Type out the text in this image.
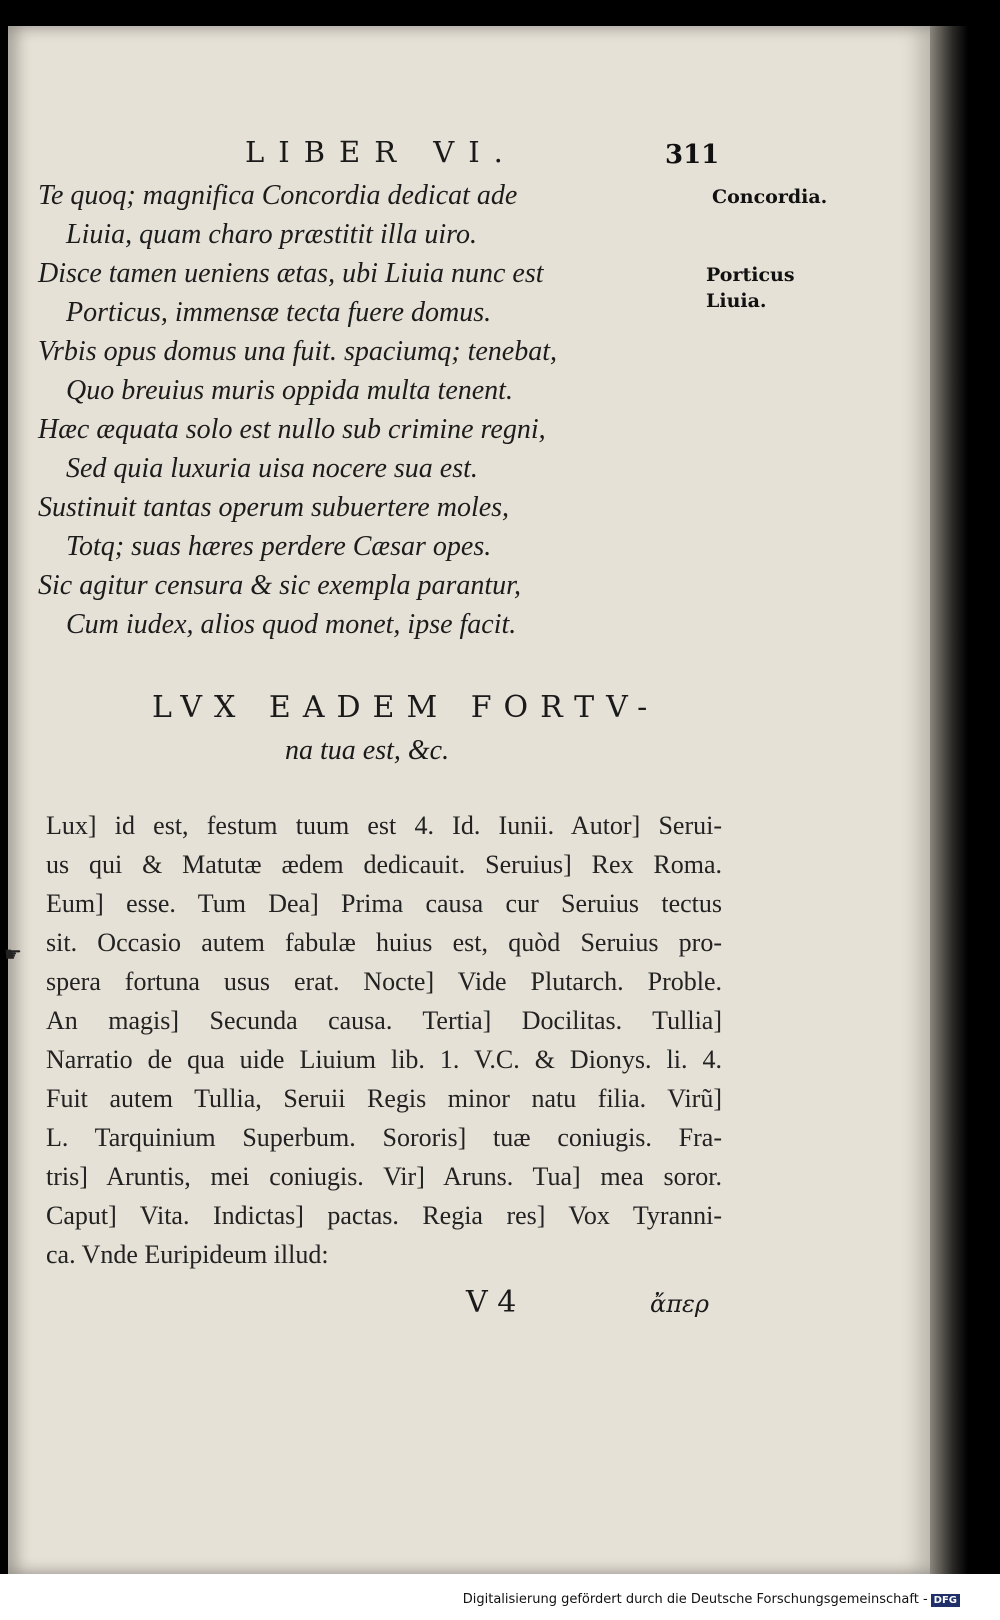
LIBER VI.	311
Te quoq; magnifica Concordia dedicat ade
Liuia, quam charo præstitit illa uiro.
Disce tamen ueniens ætas, ubi Liuia nunc est
Porticus, immensæ tecta fuere domus.
Vrbis opus domus una fuit. spaciumq; tenebat,
Quo breuius muris oppida multa tenent.
Hæc æquata solo est nullo sub crimine regni,
Sed quia luxuria uisa nocere sua est.
Sustinuit tantas operum subuertere moles,
Totq; suas hæres perdere Cæsar opes.
Sic agitur censura & sic exempla parantur,
Cum iudex, alios quod monet, ipse facit.
Concordia.
Porticus
Liuia.
LVX EADEM FORTV-
na tua est, &c.
☛
Lux] id est, festum tuum est 4. Id. Iunii. Autor] Serui-
us qui & Matutæ ædem dedicauit. Seruius] Rex Roma.
Eum] esse. Tum Dea] Prima causa cur Seruius tectus
sit. Occasio autem fabulæ huius est, quòd Seruius pro-
spera fortuna usus erat. Nocte] Vide Plutarch. Proble.
An magis] Secunda causa. Tertia] Docilitas. Tullia]
Narratio de qua uide Liuium lib. 1. V.C. & Dionys. li. 4.
Fuit autem Tullia, Seruii Regis minor natu filia. Virũ]
L. Tarquinium Superbum. Sororis] tuæ coniugis. Fra-
tris] Aruntis, mei coniugis. Vir] Aruns. Tua] mea soror.
Caput] Vita. Indictas] pactas. Regia res] Vox Tyranni-
ca. Vnde Euripideum illud:
V 4	ἄπερ
Digitalisierung gefördert durch die Deutsche Forschungsgemeinschaft - DFG
